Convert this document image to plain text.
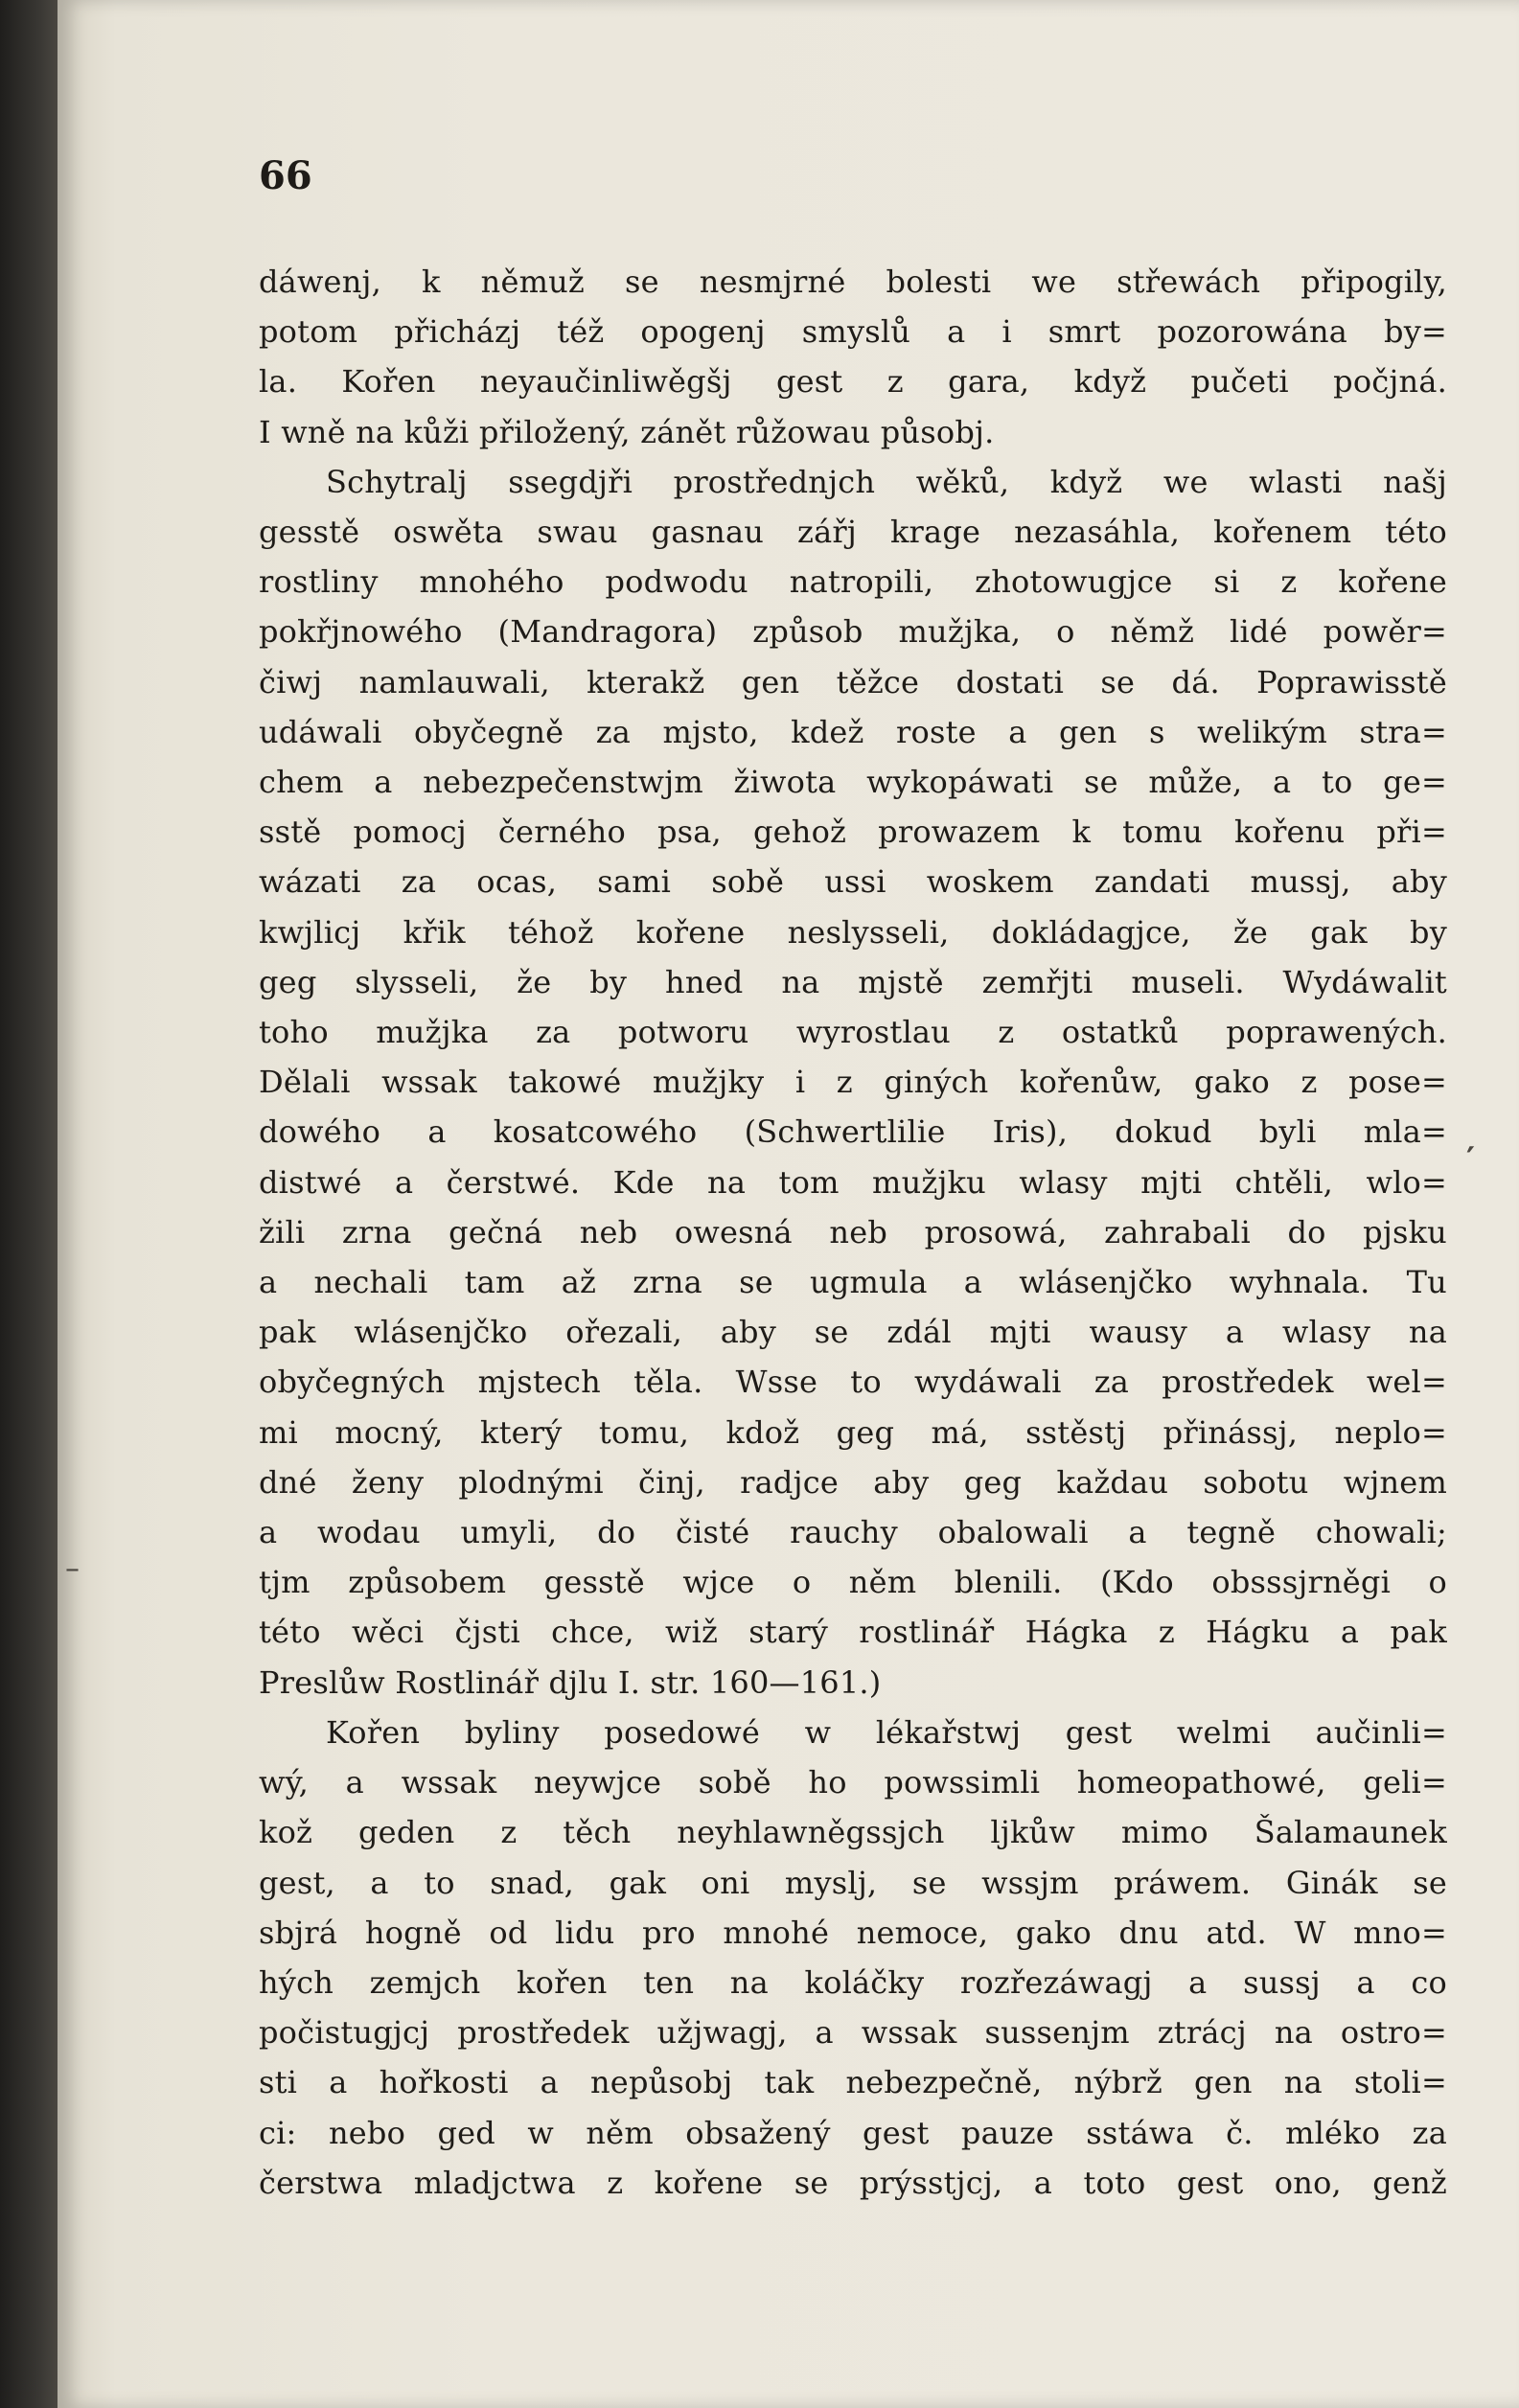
66
dáwenj, k němuž se nesmjrné bolesti we střewách připogily,
potom přicházj též opogenj smyslů a i smrt pozorowána by=
la. Kořen neyaučinliwěgšj gest z gara, když pučeti počjná.
I wně na kůži přiložený, zánět růžowau působj.
Schytralj ssegdjři prostřednjch wěků, když we wlasti našj
gesstě oswěta swau gasnau zářj krage nezasáhla, kořenem této
rostliny mnohého podwodu natropili, zhotowugjce si z kořene
pokřjnowého (Mandragora) způsob mužjka, o němž lidé powěr=
čiwj namlauwali, kterakž gen těžce dostati se dá. Poprawisstě
udáwali obyčegně za mjsto, kdež roste a gen s welikým stra=
chem a nebezpečenstwjm žiwota wykopáwati se může, a to ge=
sstě pomocj černého psa, gehož prowazem k tomu kořenu při=
wázati za ocas, sami sobě ussi woskem zandati mussj, aby
kwjlicj křik téhož kořene neslysseli, dokládagjce, že gak by
geg slysseli, že by hned na mjstě zemřjti museli. Wydáwalit
toho mužjka za potworu wyrostlau z ostatků poprawených.
Dělali wssak takowé mužjky i z giných kořenůw, gako z pose=
dowého a kosatcowého (Schwertlilie Iris), dokud byli mla=
distwé a čerstwé. Kde na tom mužjku wlasy mjti chtěli, wlo=
žili zrna gečná neb owesná neb prosowá, zahrabali do pjsku
a nechali tam až zrna se ugmula a wlásenjčko wyhnala. Tu
pak wlásenjčko ořezali, aby se zdál mjti wausy a wlasy na
obyčegných mjstech těla. Wsse to wydáwali za prostředek wel=
mi mocný, který tomu, kdož geg má, sstěstj přinássj, neplo=
dné ženy plodnými činj, radjce aby geg každau sobotu wjnem
a wodau umyli, do čisté rauchy obalowali a tegně chowali;
tjm způsobem gesstě wjce o něm blenili. (Kdo obsssjrněgi o
této wěci čjsti chce, wiž starý rostlinář Hágka z Hágku a pak
Preslůw Rostlinář djlu I. str. 160—161.)
Kořen byliny posedowé w lékařstwj gest welmi aučinli=
wý, a wssak neywjce sobě ho powssimli homeopathowé, geli=
kož geden z těch neyhlawněgssjch ljkůw mimo Šalamaunek
gest, a to snad, gak oni myslj, se wssjm práwem. Ginák se
sbjrá hogně od lidu pro mnohé nemoce, gako dnu atd. W mno=
hých zemjch kořen ten na koláčky rozřezáwagj a sussj a co
počistugjcj prostředek užjwagj, a wssak sussenjm ztrácj na ostro=
sti a hořkosti a nepůsobj tak nebezpečně, nýbrž gen na stoli=
ci: nebo ged w něm obsažený gest pauze sstáwa č. mléko za
čerstwa mladjctwa z kořene se prýsstjcj, a toto gest ono, genž
′
–
